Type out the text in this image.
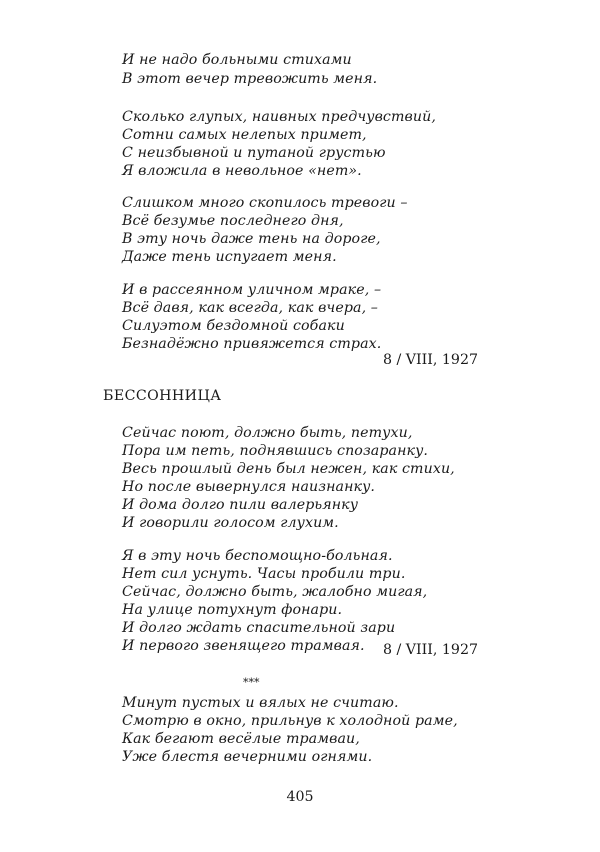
И не надо больными стихами
В этот вечер тревожить меня.
Сколько глупых, наивных предчувствий,
Сотни самых нелепых примет,
С неизбывной и путаной грустью
Я вложила в невольное «нет».
Слишком много скопилось тревоги –
Всё безумье последнего дня,
В эту ночь даже тень на дороге,
Даже тень испугает меня.
И в рассеянном уличном мраке, –
Всё давя, как всегда, как вчера, –
Силуэтом бездомной собаки
Безнадёжно привяжется страх.
8 / VIII, 1927
БЕССОННИЦА
Сейчас поют, должно быть, петухи,
Пора им петь, поднявшись спозаранку.
Весь прошлый день был нежен, как стихи,
Но после вывернулся наизнанку.
И дома долго пили валерьянку
И говорили голосом глухим.
Я в эту ночь беспомощно-больная.
Нет сил уснуть. Часы пробили три.
Сейчас, должно быть, жалобно мигая,
На улице потухнут фонари.
И долго ждать спасительной зари
И первого звенящего трамвая. 8 / VIII, 1927
***
Минут пустых и вялых не считаю.
Смотрю в окно, прильнув к холодной раме,
Как бегают весёлые трамваи,
Уже блестя вечерними огнями.
405
